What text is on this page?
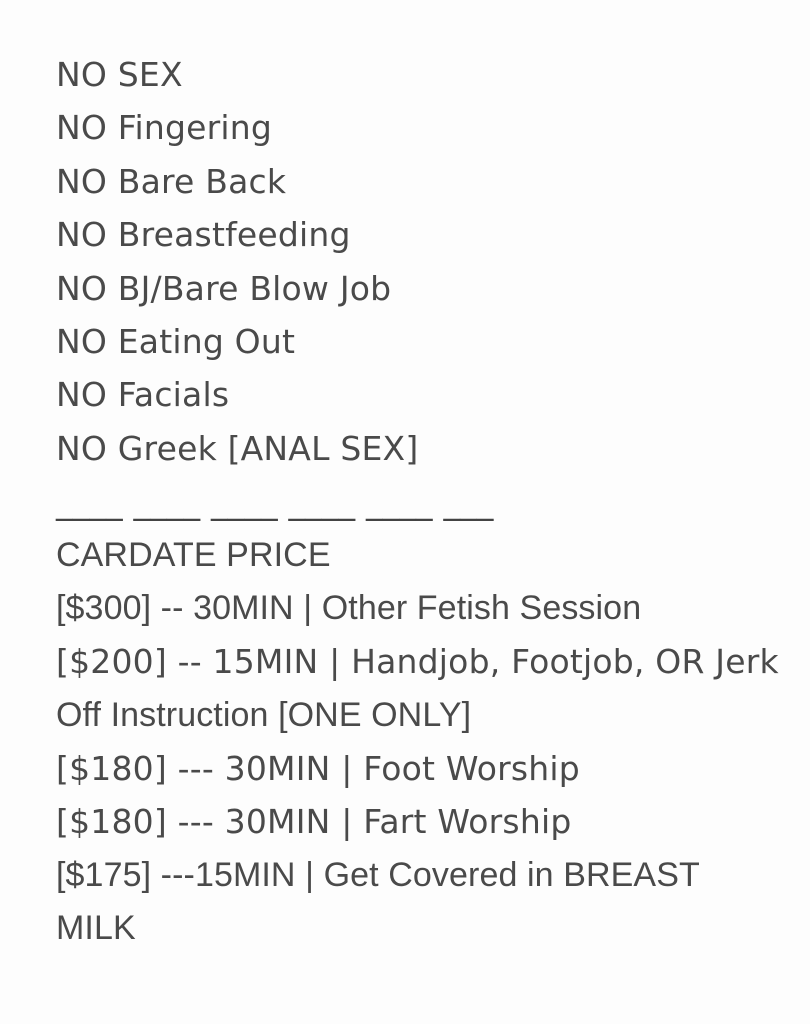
NO SEX

NO Fingering

NO Bare Back

NO Breastfeeding

NO BJ/Bare Blow Job

NO Eating Out

NO Facials

NO Greek [ANAL SEX]

____ ____ ____ ____ ____ ___

CARDATE PRICE

[$300] -- 30MIN | Other Fetish Session

[$200] -- 15MIN | Handjob, Footjob, OR Jerk

Off Instruction [ONE ONLY]

[$180] --- 30MIN | Foot Worship

[$180] --- 30MIN | Fart Worship

[$175] ---15MIN | Get Covered in BREAST

MILK
